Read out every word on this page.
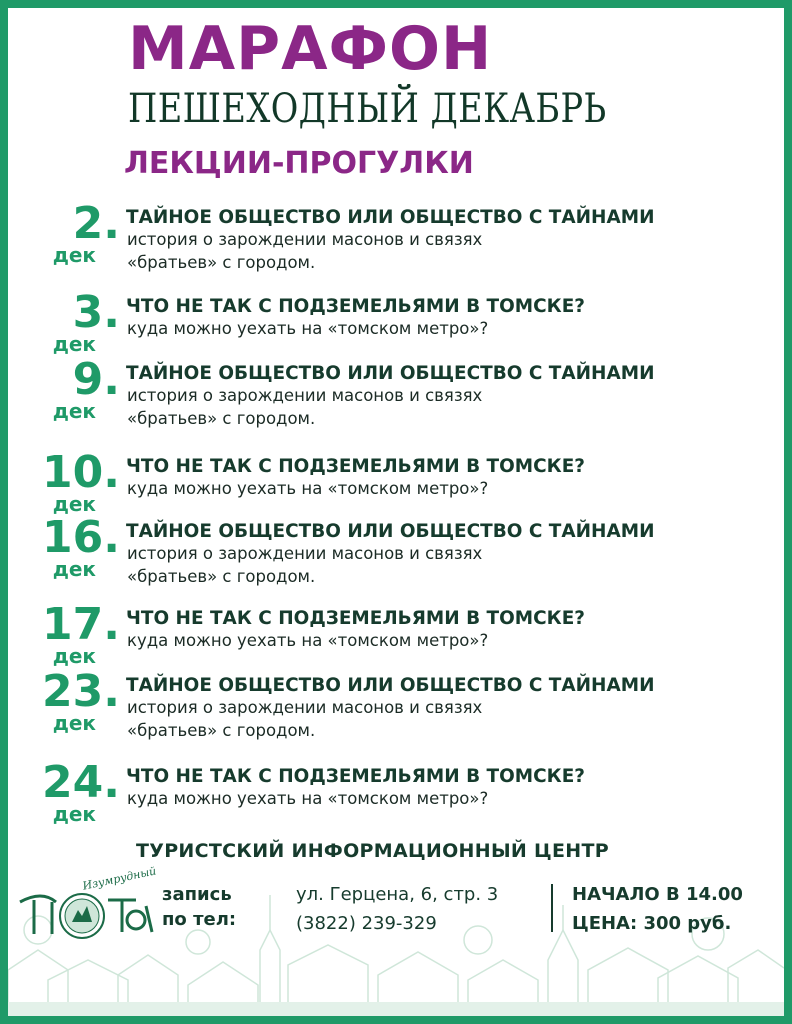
МАРАФОН
ПЕШЕХОДНЫЙ ДЕКАБРЬ
ЛЕКЦИИ-ПРОГУЛКИ
2.
дек
ТАЙНОЕ ОБЩЕСТВО ИЛИ ОБЩЕСТВО С ТАЙНАМИ
история о зарождении масонов и связях
«братьев» с городом.
3.
дек
ЧТО НЕ ТАК С ПОДЗЕМЕЛЬЯМИ В ТОМСКЕ?
куда можно уехать на «томском метро»?
9.
дек
ТАЙНОЕ ОБЩЕСТВО ИЛИ ОБЩЕСТВО С ТАЙНАМИ
история о зарождении масонов и связях
«братьев» с городом.
10.
дек
ЧТО НЕ ТАК С ПОДЗЕМЕЛЬЯМИ В ТОМСКЕ?
куда можно уехать на «томском метро»?
16.
дек
ТАЙНОЕ ОБЩЕСТВО ИЛИ ОБЩЕСТВО С ТАЙНАМИ
история о зарождении масонов и связях
«братьев» с городом.
17.
дек
ЧТО НЕ ТАК С ПОДЗЕМЕЛЬЯМИ В ТОМСКЕ?
куда можно уехать на «томском метро»?
23.
дек
ТАЙНОЕ ОБЩЕСТВО ИЛИ ОБЩЕСТВО С ТАЙНАМИ
история о зарождении масонов и связях
«братьев» с городом.
24.
дек
ЧТО НЕ ТАК С ПОДЗЕМЕЛЬЯМИ В ТОМСКЕ?
куда можно уехать на «томском метро»?
ТУРИСТСКИЙ ИНФОРМАЦИОННЫЙ ЦЕНТР
Изумрудный
запись
по тел:
ул. Герцена, 6, стр. 3
(3822) 239-329
НАЧАЛО В 14.00
ЦЕНА: 300 руб.
